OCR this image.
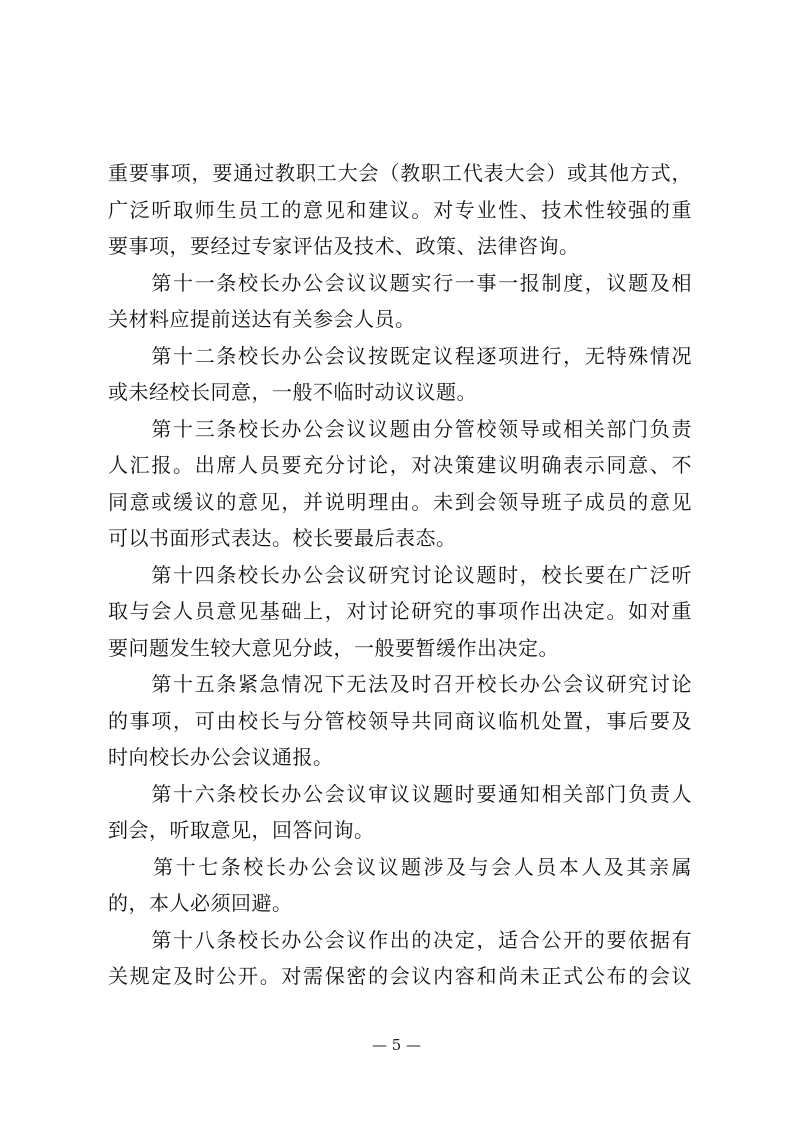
重要事项，要通过教职工大会（教职工代表大会）或其他方式，
广泛听取师生员工的意见和建议。对专业性、技术性较强的重
要事项，要经过专家评估及技术、政策、法律咨询。
　　第十一条校长办公会议议题实行一事一报制度，议题及相
关材料应提前送达有关参会人员。
　　第十二条校长办公会议按既定议程逐项进行，无特殊情况
或未经校长同意，一般不临时动议议题。
　　第十三条校长办公会议议题由分管校领导或相关部门负责
人汇报。出席人员要充分讨论，对决策建议明确表示同意、不
同意或缓议的意见，并说明理由。未到会领导班子成员的意见
可以书面形式表达。校长要最后表态。
　　第十四条校长办公会议研究讨论议题时，校长要在广泛听
取与会人员意见基础上，对讨论研究的事项作出决定。如对重
要问题发生较大意见分歧，一般要暂缓作出决定。
　　第十五条紧急情况下无法及时召开校长办公会议研究讨论
的事项，可由校长与分管校领导共同商议临机处置，事后要及
时向校长办公会议通报。
　　第十六条校长办公会议审议议题时要通知相关部门负责人
到会，听取意见，回答问询。
　　第十七条校长办公会议议题涉及与会人员本人及其亲属
的，本人必须回避。
　　第十八条校长办公会议作出的决定，适合公开的要依据有
关规定及时公开。对需保密的会议内容和尚未正式公布的会议
— 5 —
